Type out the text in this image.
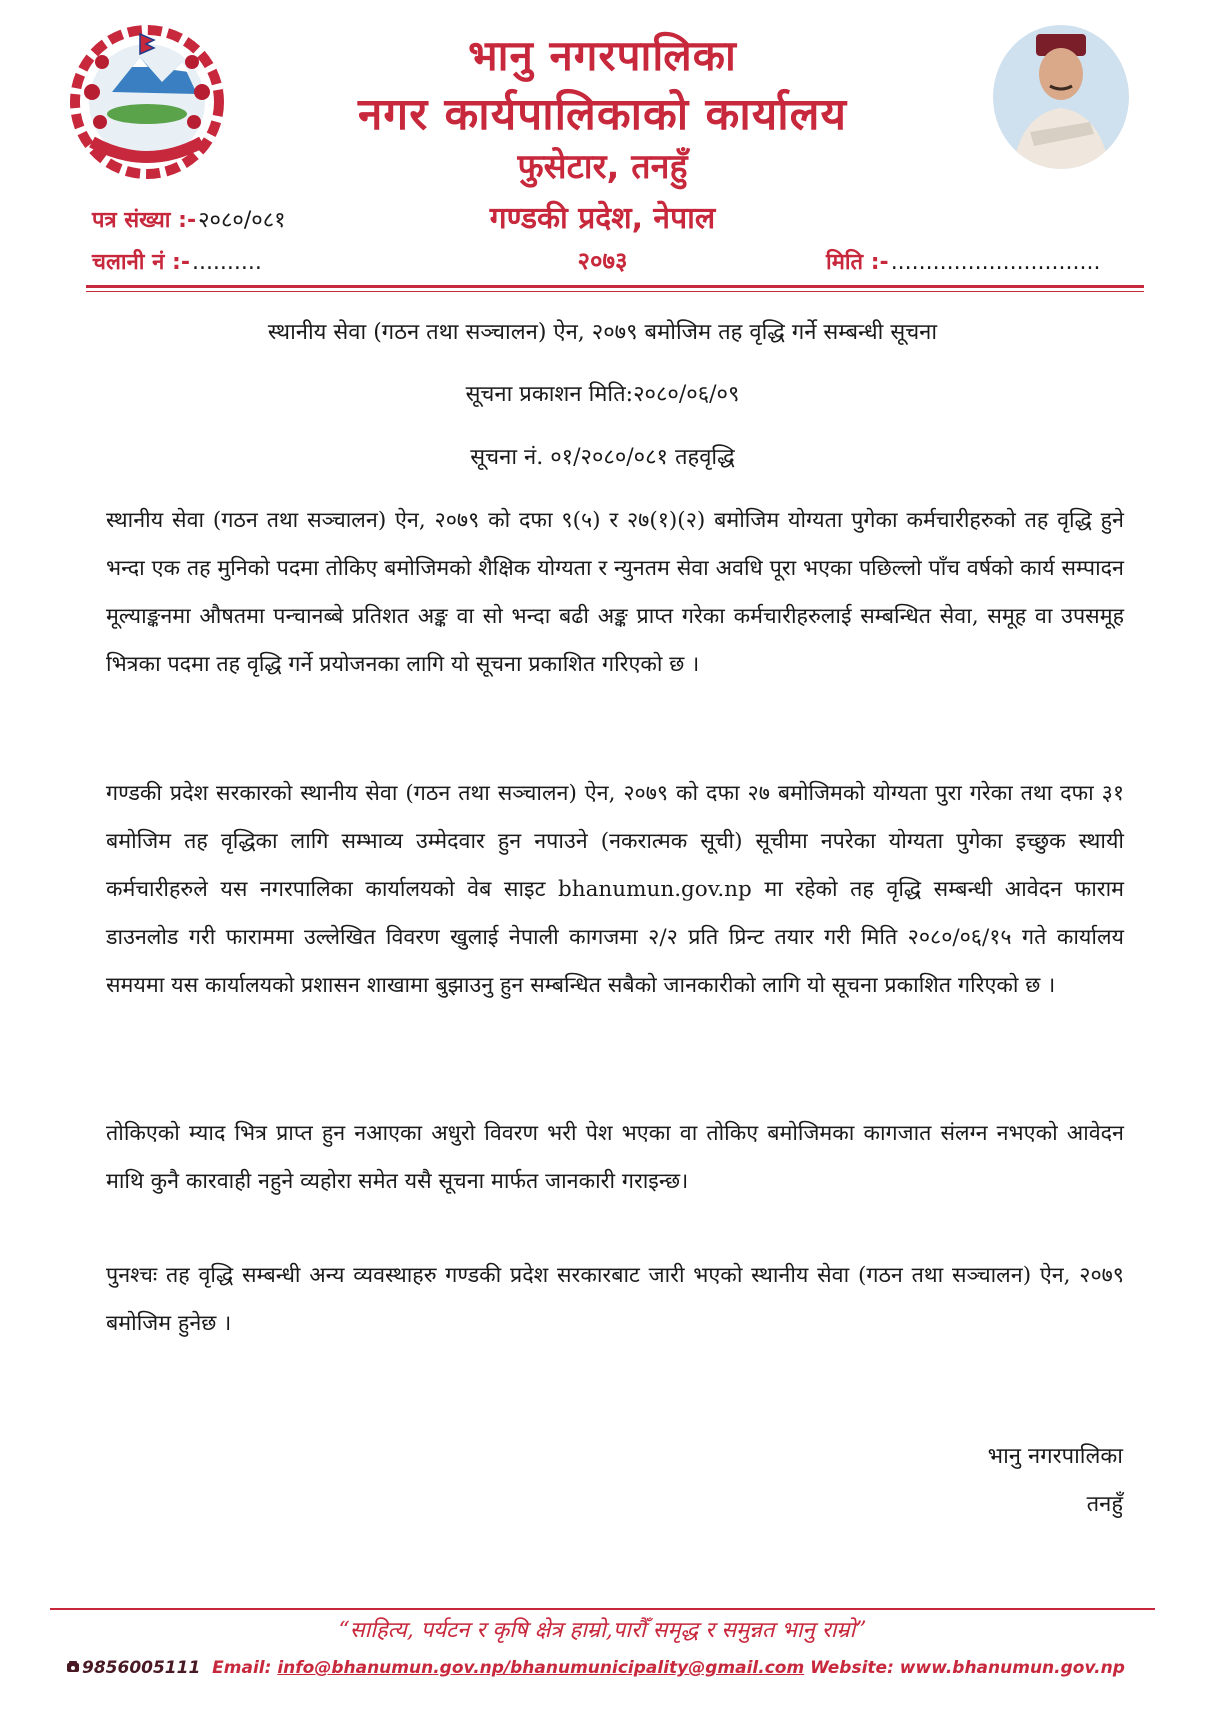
भानु नगरपालिका
नगर कार्यपालिकाको कार्यालय
फुसेटार, तनहुँ
गण्डकी प्रदेश, नेपाल
२०७३
पत्र संख्या :-२०८०/०८१
चलानी नं :-..........	मिति :-..............................
स्थानीय सेवा (गठन तथा सञ्चालन) ऐन, २०७९ बमोजिम तह वृद्धि गर्ने सम्बन्धी सूचना
सूचना प्रकाशन मिति:२०८०/०६/०९
सूचना नं. ०१/२०८०/०८१ तहवृद्धि

स्थानीय सेवा (गठन तथा सञ्चालन) ऐन, २०७९ को दफा ९(५) र २७(१)(२) बमोजिम योग्यता पुगेका कर्मचारीहरुको तह वृद्धि हुने भन्दा एक तह मुनिको पदमा तोकिए बमोजिमको शैक्षिक योग्यता र न्युनतम सेवा अवधि पूरा भएका पछिल्लो पाँच वर्षको कार्य सम्पादन मूल्याङ्कनमा औषतमा पन्चानब्बे प्रतिशत अङ्क वा सो भन्दा बढी अङ्क प्राप्त गरेका कर्मचारीहरुलाई सम्बन्धित सेवा, समूह वा उपसमूह भित्रका पदमा तह वृद्धि गर्ने प्रयोजनका लागि यो सूचना प्रकाशित गरिएको छ ।

गण्डकी प्रदेश सरकारको स्थानीय सेवा (गठन तथा सञ्चालन) ऐन, २०७९ को दफा २७ बमोजिमको योग्यता पुरा गरेका तथा दफा ३१ बमोजिम तह वृद्धिका लागि सम्भाव्य उम्मेदवार हुन नपाउने (नकरात्मक सूची) सूचीमा नपरेका योग्यता पुगेका इच्छुक स्थायी कर्मचारीहरुले यस नगरपालिका कार्यालयको वेब साइट bhanumun.gov.np मा रहेको तह वृद्धि सम्बन्धी आवेदन फाराम डाउनलोड गरी फाराममा उल्लेखित विवरण खुलाई नेपाली कागजमा २/२ प्रति प्रिन्ट तयार गरी मिति २०८०/०६/१५ गते कार्यालय समयमा यस कार्यालयको प्रशासन शाखामा बुझाउनु हुन सम्बन्धित सबैको जानकारीको लागि यो सूचना प्रकाशित गरिएको छ ।

तोकिएको म्याद भित्र प्राप्त हुन नआएका अधुरो विवरण भरी पेश भएका वा तोकिए बमोजिमका कागजात संलग्न नभएको आवेदन माथि कुनै कारवाही नहुने व्यहोरा समेत यसै सूचना मार्फत जानकारी गराइन्छ।

पुनश्चः तह वृद्धि सम्बन्धी अन्य व्यवस्थाहरु गण्डकी प्रदेश सरकारबाट जारी भएको स्थानीय सेवा (गठन तथा सञ्चालन) ऐन, २०७९ बमोजिम हुनेछ ।

भानु नगरपालिका
तनहुँ
“साहित्य, पर्यटन र कृषि क्षेत्र हाम्रो,पारौँ समृद्ध र समुन्नत भानु राम्रो”
9856005111 Email: info@bhanumun.gov.np/bhanumunicipality@gmail.com Website: www.bhanumun.gov.np
